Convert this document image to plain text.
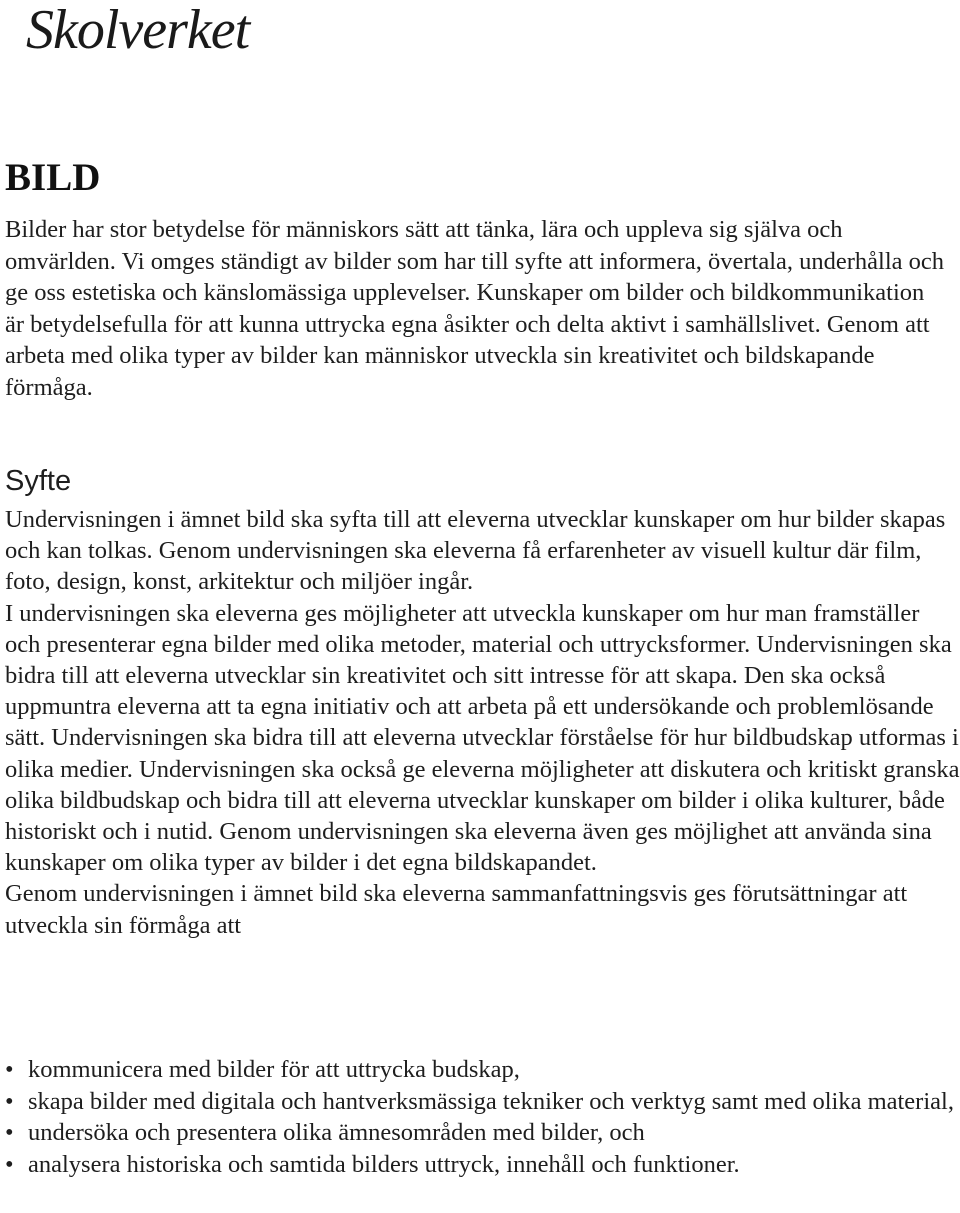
Skolverket
BILD

Bilder har stor betydelse för människors sätt att tänka, lära och uppleva sig själva och omvärlden. Vi omges ständigt av bilder som har till syfte att informera, övertala, underhålla och ge oss estetiska och känslomässiga upplevelser. Kunskaper om bilder och bildkommunikation är betydelsefulla för att kunna uttrycka egna åsikter och delta aktivt i samhällslivet. Genom att arbeta med olika typer av bilder kan människor utveckla sin kreativitet och bildskapande förmåga.

Syfte

Undervisningen i ämnet bild ska syfta till att eleverna utvecklar kunskaper om hur bilder skapas och kan tolkas. Genom undervisningen ska eleverna få erfarenheter av visuell kultur där film, foto, design, konst, arkitektur och miljöer ingår.

I undervisningen ska eleverna ges möjligheter att utveckla kunskaper om hur man framställer och presenterar egna bilder med olika metoder, material och uttrycksformer. Undervisningen ska bidra till att eleverna utvecklar sin kreativitet och sitt intresse för att skapa. Den ska också uppmuntra eleverna att ta egna initiativ och att arbeta på ett undersökande och problemlösande sätt. Undervisningen ska bidra till att eleverna utvecklar förståelse för hur bildbudskap utformas i olika medier. Undervisningen ska också ge eleverna möjligheter att diskutera och kritiskt granska olika bildbudskap och bidra till att eleverna utvecklar kunskaper om bilder i olika kulturer, både historiskt och i nutid. Genom undervisningen ska eleverna även ges möjlighet att använda sina kunskaper om olika typer av bilder i det egna bildskapandet.

Genom undervisningen i ämnet bild ska eleverna sammanfattningsvis ges förutsättningar att utveckla sin förmåga att

• kommunicera med bilder för att uttrycka budskap,
• skapa bilder med digitala och hantverksmässiga tekniker och verktyg samt med olika material,
• undersöka och presentera olika ämnesområden med bilder, och
• analysera historiska och samtida bilders uttryck, innehåll och funktioner.
